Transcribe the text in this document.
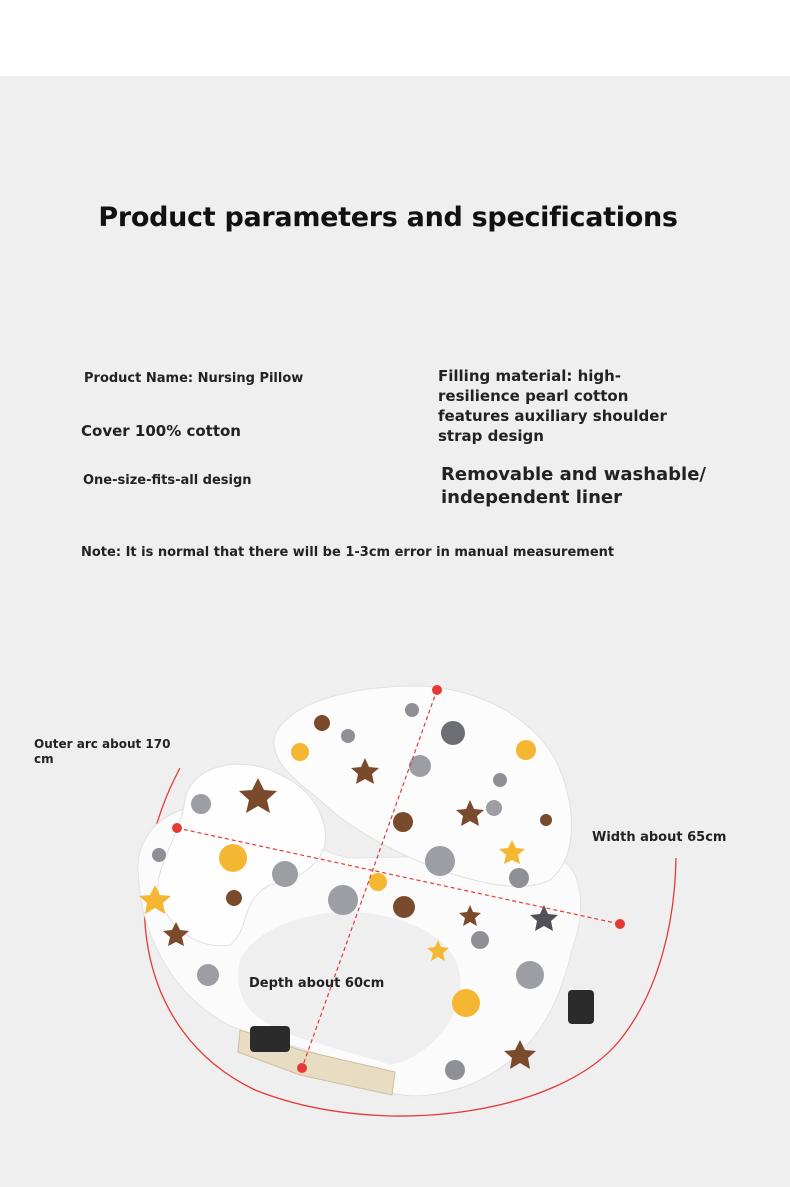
Product parameters and specifications
Product Name: Nursing Pillow
Cover 100% cotton
One-size-fits-all design
Filling material: high-resilience pearl cotton features auxiliary shoulder strap design
Removable and washable/ independent liner
Note: It is normal that there will be 1-3cm error in manual measurement
Outer arc about 170 cm
Width about 65cm
Depth about 60cm
